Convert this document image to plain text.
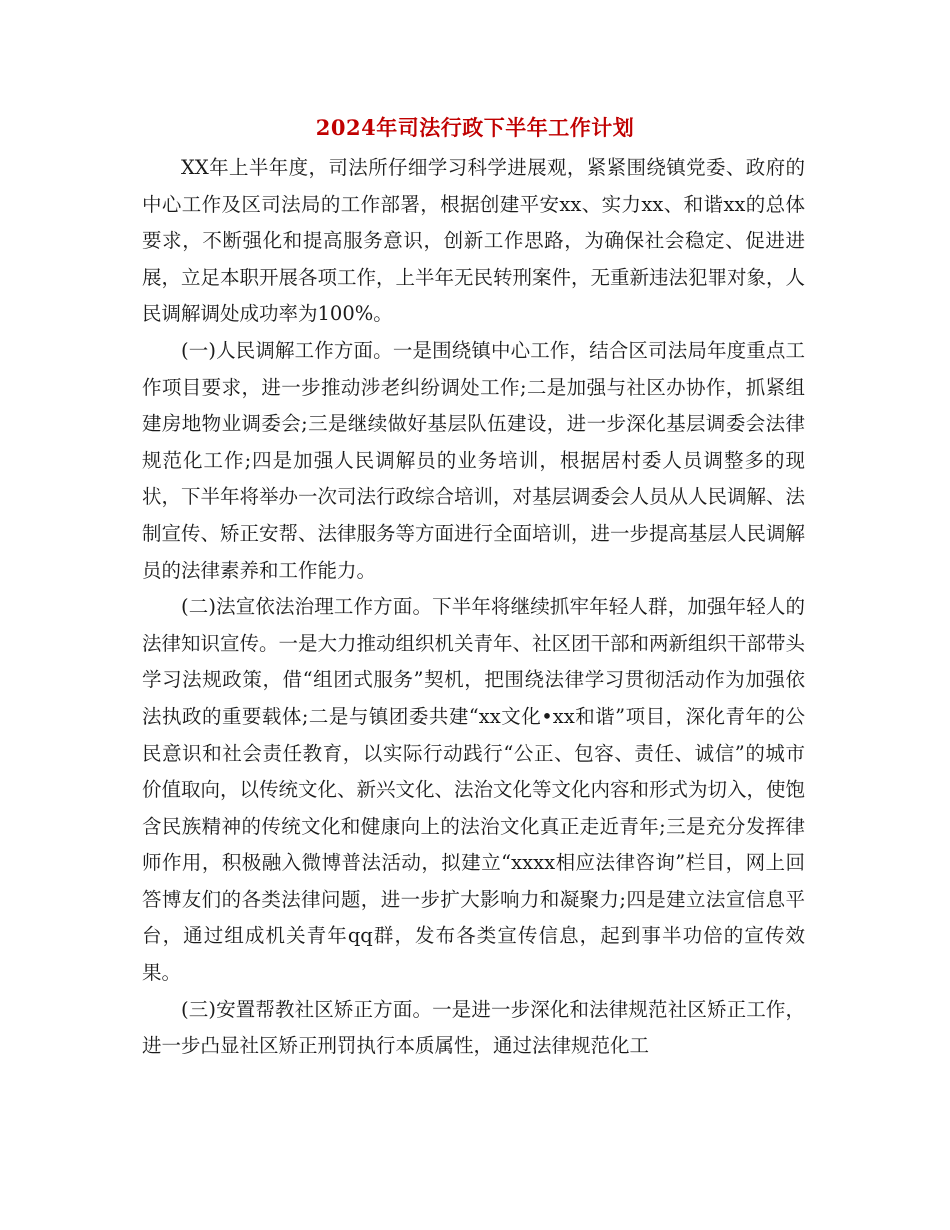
2024年司法行政下半年工作计划

XX年上半年度，司法所仔细学习科学进展观，紧紧围绕镇党委、政府的中心工作及区司法局的工作部署，根据创建平安xx、实力xx、和谐xx的总体要求，不断强化和提高服务意识，创新工作思路，为确保社会稳定、促进进展，立足本职开展各项工作，上半年无民转刑案件，无重新违法犯罪对象，人民调解调处成功率为100%。

(一)人民调解工作方面。一是围绕镇中心工作，结合区司法局年度重点工作项目要求，进一步推动涉老纠纷调处工作;二是加强与社区办协作，抓紧组建房地物业调委会;三是继续做好基层队伍建设，进一步深化基层调委会法律规范化工作;四是加强人民调解员的业务培训，根据居村委人员调整多的现状，下半年将举办一次司法行政综合培训，对基层调委会人员从人民调解、法制宣传、矫正安帮、法律服务等方面进行全面培训，进一步提高基层人民调解员的法律素养和工作能力。

(二)法宣依法治理工作方面。下半年将继续抓牢年轻人群，加强年轻人的法律知识宣传。一是大力推动组织机关青年、社区团干部和两新组织干部带头学习法规政策，借“组团式服务”契机，把围绕法律学习贯彻活动作为加强依法执政的重要载体;二是与镇团委共建“xx文化•xx和谐”项目，深化青年的公民意识和社会责任教育，以实际行动践行“公正、包容、责任、诚信”的城市价值取向，以传统文化、新兴文化、法治文化等文化内容和形式为切入，使饱含民族精神的传统文化和健康向上的法治文化真正走近青年;三是充分发挥律师作用，积极融入微博普法活动，拟建立“xxxx相应法律咨询”栏目，网上回答博友们的各类法律问题，进一步扩大影响力和凝聚力;四是建立法宣信息平台，通过组成机关青年qq群，发布各类宣传信息，起到事半功倍的宣传效果。

(三)安置帮教社区矫正方面。一是进一步深化和法律规范社区矫正工作，进一步凸显社区矫正刑罚执行本质属性，通过法律规范化工
